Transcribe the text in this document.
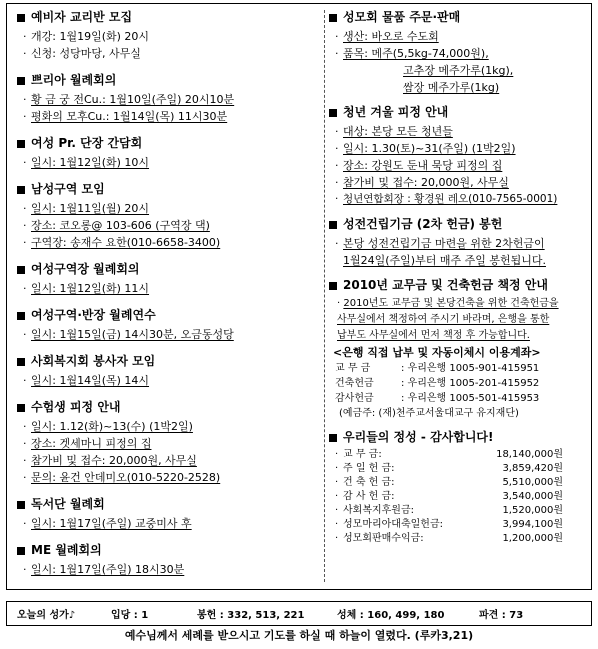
예비자 교리반 모집
· 개강: 1월19일(화) 20시
· 신청: 성당마당, 사무실
쁘리아 월례회의
· 황 금 궁 전Cu.: 1월10일(주일) 20시10분
· 평화의 모후Cu.: 1월14일(목) 11시30분
여성 Pr. 단장 간담회
· 일시: 1월12일(화) 10시
남성구역 모임
· 일시: 1월11일(월) 20시
· 장소: 코오롱@ 103-606 (구역장 댁)
· 구역장: 송재수 요한(010-6658-3400)
여성구역장 월례회의
· 일시: 1월12일(화) 11시
여성구역·반장 월례연수
· 일시: 1월15일(금) 14시30분, 오금동성당
사회복지회 봉사자 모임
· 일시: 1월14일(목) 14시
수험생 피정 안내
· 일시: 1.12(화)~13(수) (1박2일)
· 장소: 겟세마니 피정의 집
· 참가비 및 접수: 20,000원, 사무실
· 문의: 윤건 안데미오(010-5220-2528)
독서단 월례회
· 일시: 1월17일(주일) 교중미사 후
ME 월례회의
· 일시: 1월17일(주일) 18시30분
성모회 물품 주문·판매
· 생산: 바오로 수도회
· 품목: 메주(5,5kg-74,000원),
고추장 메주가루(1kg),
쌈장 메주가루(1kg)
청년 겨울 피정 안내
· 대상: 본당 모든 청년들
· 일시: 1.30(토)~31(주일) (1박2일)
· 장소: 강원도 둔내 묵당 피정의 집
· 참가비 및 접수: 20,000원, 사무실
· 청년연합회장 : 황경원 레오(010-7565-0001)
성전건립기금 (2차 헌금) 봉헌
· 본당 성전건립기금 마련을 위한 2차헌금이
1월24일(주일)부터 매주 주일 봉헌됩니다.
2010년 교무금 및 건축헌금 책정 안내
· 2010년도 교무금 및 본당건축을 위한 건축헌금을
사무실에서 책정하여 주시기 바라며, 은행을 통한
납부도 사무실에서 먼저 책정 후 가능합니다.
<은행 직접 납부 및 자동이체시 이용계좌>
교 무 금	: 우리은행 1005-901-415951
건축헌금	: 우리은행 1005-201-415952
감사헌금	: 우리은행 1005-501-415953
(예금주: (재)천주교서울대교구 유지재단)
우리들의 정성 - 감사합니다!
· 교 무 금:	18,140,000원
· 주 일 헌 금:	3,859,420원
· 건 축 헌 금:	5,510,000원
· 감 사 헌 금:	3,540,000원
· 사회복지후원금:	1,520,000원
· 성모마리아대축일헌금:	3,994,100원
· 성모회판매수익금:	1,200,000원
오늘의 성가♪	입당 : 1	봉헌 : 332, 513, 221	성체 : 160, 499, 180	파견 : 73
예수님께서 세례를 받으시고 기도를 하실 때 하늘이 열렸다. (루카3,21)
